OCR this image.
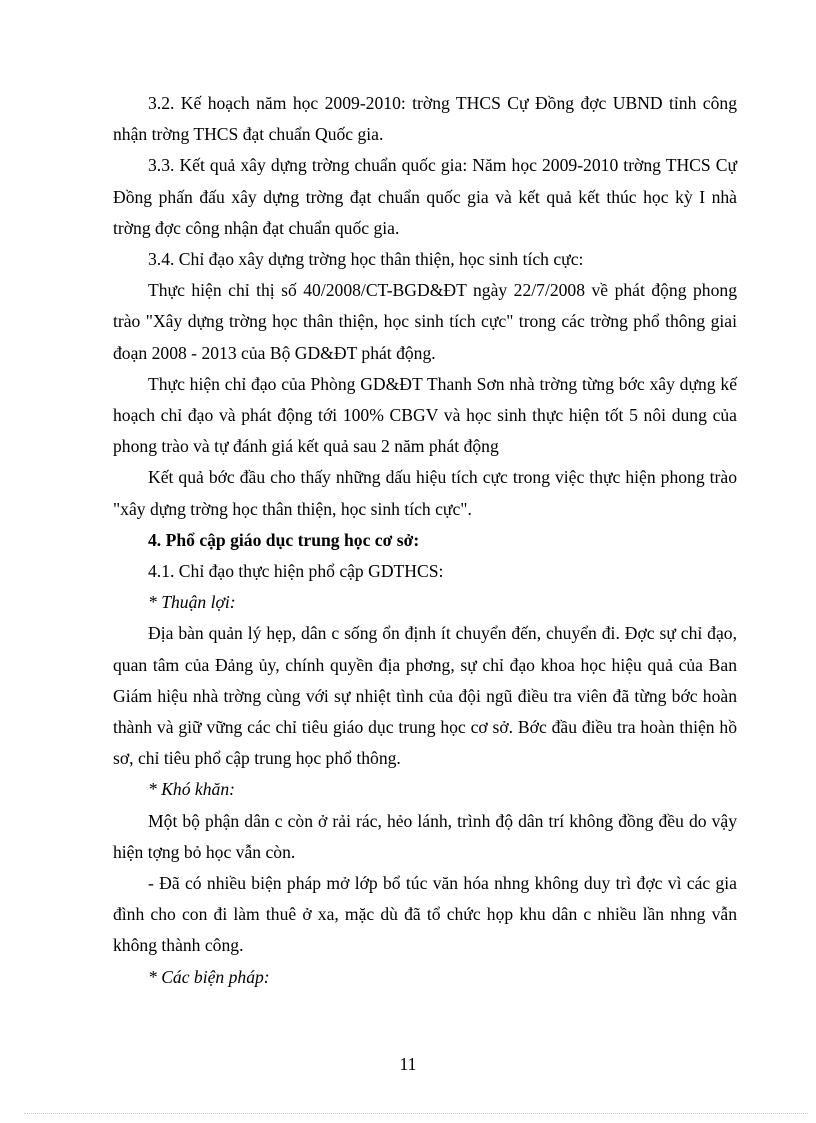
3.2. Kế hoạch năm học 2009-2010: trờng THCS Cự Đồng đợc UBND tỉnh công nhận trờng THCS đạt chuẩn Quốc gia.

3.3. Kết quả xây dựng trờng chuẩn quốc gia: Năm học 2009-2010 trờng THCS Cự Đồng phấn đấu xây dựng trờng đạt chuẩn quốc gia và kết quả kết thúc học kỳ I nhà trờng đợc công nhận đạt chuẩn quốc gia.

3.4. Chỉ đạo xây dựng trờng học thân thiện, học sinh tích cực:

Thực hiện chỉ thị số 40/2008/CT-BGD&ĐT ngày 22/7/2008 về phát động phong trào "Xây dựng trờng học thân thiện, học sinh tích cực" trong các trờng phổ thông giai đoạn 2008 - 2013 của Bộ GD&ĐT phát động.

Thực hiện chỉ đạo của Phòng GD&ĐT Thanh Sơn nhà trờng từng bớc xây dựng kế hoạch chỉ đạo và phát động tới 100% CBGV và học sinh thực hiện tốt 5 nôi dung của phong trào và tự đánh giá kết quả sau 2 năm phát động

Kết quả bớc đầu cho thấy những dấu hiệu tích cực trong việc thực hiện phong trào "xây dựng trờng học thân thiện, học sinh tích cực".

4. Phổ cập giáo dục trung học cơ sở:

4.1. Chỉ đạo thực hiện phổ cập GDTHCS:

* Thuận lợi:

Địa bàn quản lý hẹp, dân c sống ổn định ít chuyển đến, chuyển đi. Đợc sự chỉ đạo, quan tâm của Đảng ủy, chính quyền địa phơng, sự chỉ đạo khoa học hiệu quả của Ban Giám hiệu nhà trờng cùng với sự nhiệt tình của đội ngũ điều tra viên đã từng bớc hoàn thành và giữ vững các chỉ tiêu giáo dục trung học cơ sở. Bớc đầu điều tra hoàn thiện hồ sơ, chỉ tiêu phổ cập trung học phổ thông.

* Khó khăn:

Một bộ phận dân c còn ở rải rác, hẻo lánh, trình độ dân trí không đồng đều do vậy hiện tợng bỏ học vẫn còn.

- Đã có nhiều biện pháp mở lớp bổ túc văn hóa nhng không duy trì đợc vì các gia đình cho con đi làm thuê ở xa, mặc dù đã tổ chức họp khu dân c nhiều lần nhng vẫn không thành công.

* Các biện pháp:

11
